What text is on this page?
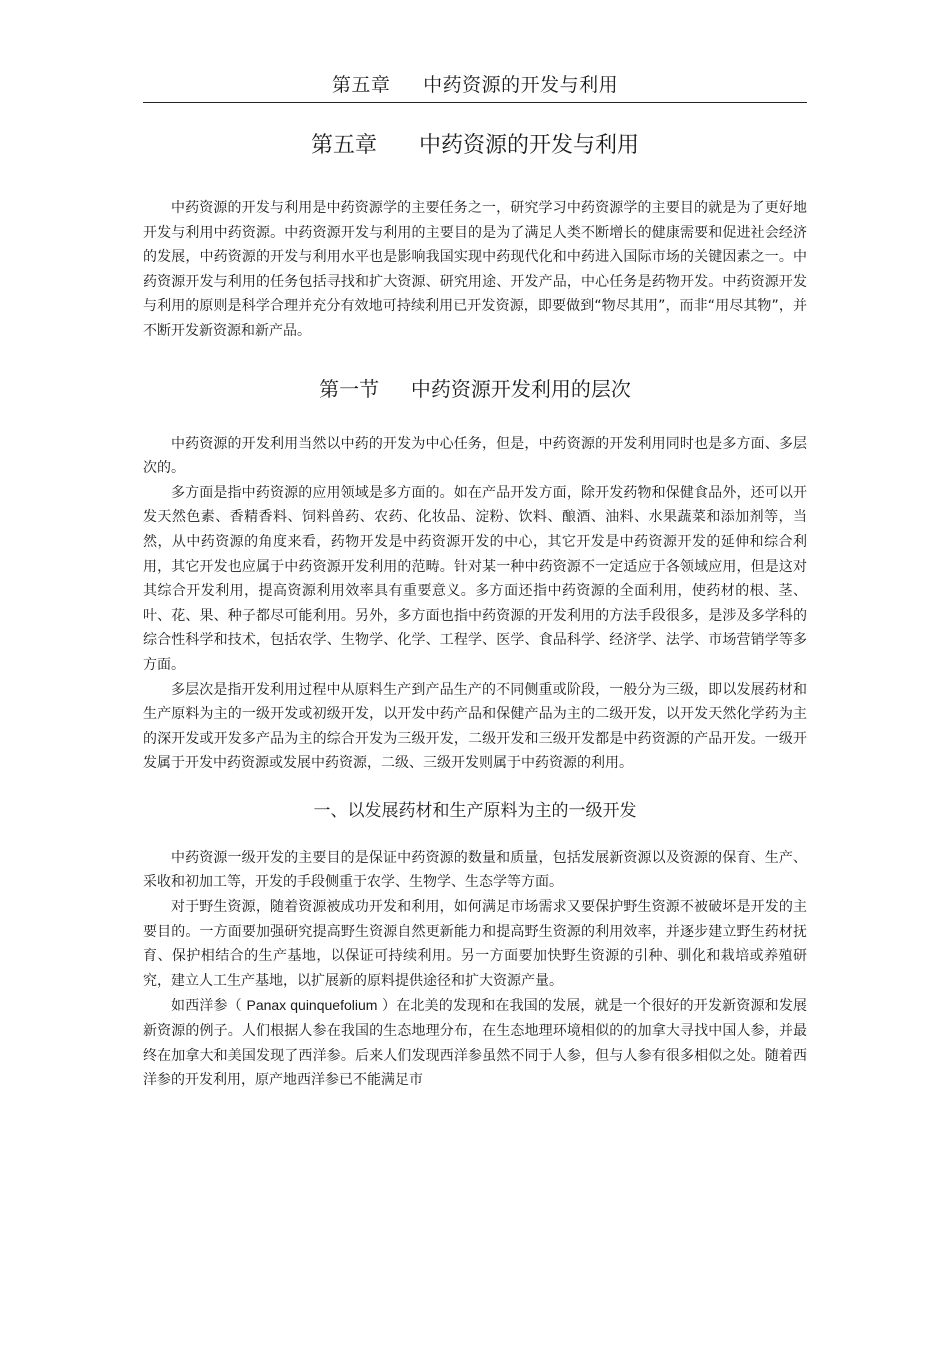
第五章     中药资源的开发与利用
第五章      中药资源的开发与利用

中药资源的开发与利用是中药资源学的主要任务之一，研究学习中药资源学的主要目的就是为了更好地开发与利用中药资源。中药资源开发与利用的主要目的是为了满足人类不断增长的健康需要和促进社会经济的发展，中药资源的开发与利用水平也是影响我国实现中药现代化和中药进入国际市场的关键因素之一。中药资源开发与利用的任务包括寻找和扩大资源、研究用途、开发产品，中心任务是药物开发。中药资源开发与利用的原则是科学合理并充分有效地可持续利用已开发资源，即要做到“物尽其用”，而非“用尽其物”，并不断开发新资源和新产品。

第一节     中药资源开发利用的层次

中药资源的开发利用当然以中药的开发为中心任务，但是，中药资源的开发利用同时也是多方面、多层次的。

多方面是指中药资源的应用领域是多方面的。如在产品开发方面，除开发药物和保健食品外，还可以开发天然色素、香精香料、饲料兽药、农药、化妆品、淀粉、饮料、酿酒、油料、水果蔬菜和添加剂等，当然，从中药资源的角度来看，药物开发是中药资源开发的中心，其它开发是中药资源开发的延伸和综合利用，其它开发也应属于中药资源开发利用的范畴。针对某一种中药资源不一定适应于各领域应用，但是这对其综合开发利用，提高资源利用效率具有重要意义。多方面还指中药资源的全面利用，使药材的根、茎、叶、花、果、种子都尽可能利用。另外，多方面也指中药资源的开发利用的方法手段很多，是涉及多学科的综合性科学和技术，包括农学、生物学、化学、工程学、医学、食品科学、经济学、法学、市场营销学等多方面。

多层次是指开发利用过程中从原料生产到产品生产的不同侧重或阶段，一般分为三级，即以发展药材和生产原料为主的一级开发或初级开发，以开发中药产品和保健产品为主的二级开发，以开发天然化学药为主的深开发或开发多产品为主的综合开发为三级开发，二级开发和三级开发都是中药资源的产品开发。一级开发属于开发中药资源或发展中药资源，二级、三级开发则属于中药资源的利用。

一、以发展药材和生产原料为主的一级开发

中药资源一级开发的主要目的是保证中药资源的数量和质量，包括发展新资源以及资源的保育、生产、采收和初加工等，开发的手段侧重于农学、生物学、生态学等方面。

对于野生资源，随着资源被成功开发和利用，如何满足市场需求又要保护野生资源不被破坏是开发的主要目的。一方面要加强研究提高野生资源自然更新能力和提高野生资源的利用效率，并逐步建立野生药材抚育、保护相结合的生产基地，以保证可持续利用。另一方面要加快野生资源的引种、驯化和栽培或养殖研究，建立人工生产基地，以扩展新的原料提供途径和扩大资源产量。

如西洋参（ Panax quinquefolium ）在北美的发现和在我国的发展，就是一个很好的开发新资源和发展新资源的例子。人们根据人参在我国的生态地理分布，在生态地理环境相似的的加拿大寻找中国人参，并最终在加拿大和美国发现了西洋参。后来人们发现西洋参虽然不同于人参，但与人参有很多相似之处。随着西洋参的开发利用，原产地西洋参已不能满足市
